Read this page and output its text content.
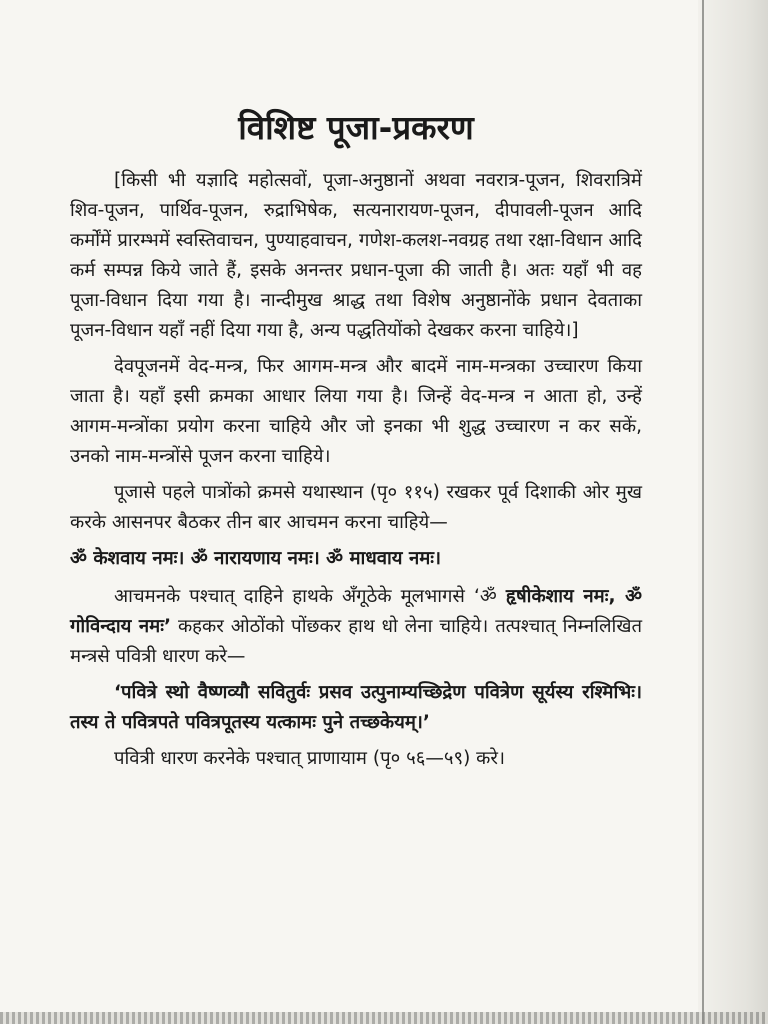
विशिष्ट पूजा-प्रकरण

[किसी भी यज्ञादि महोत्सवों, पूजा-अनुष्ठानों अथवा नवरात्र-पूजन, शिवरात्रिमें शिव-पूजन, पार्थिव-पूजन, रुद्राभिषेक, सत्यनारायण-पूजन, दीपावली-पूजन आदि कर्मोंमें प्रारम्भमें स्वस्तिवाचन, पुण्याहवाचन, गणेश-कलश-नवग्रह तथा रक्षा-विधान आदि कर्म सम्पन्न किये जाते हैं, इसके अनन्तर प्रधान-पूजा की जाती है। अतः यहाँ भी वह पूजा-विधान दिया गया है। नान्दीमुख श्राद्ध तथा विशेष अनुष्ठानोंके प्रधान देवताका पूजन-विधान यहाँ नहीं दिया गया है, अन्य पद्धतियोंको देखकर करना चाहिये।]

देवपूजनमें वेद-मन्त्र, फिर आगम-मन्त्र और बादमें नाम-मन्त्रका उच्चारण किया जाता है। यहाँ इसी क्रमका आधार लिया गया है। जिन्हें वेद-मन्त्र न आता हो, उन्हें आगम-मन्त्रोंका प्रयोग करना चाहिये और जो इनका भी शुद्ध उच्चारण न कर सकें, उनको नाम-मन्त्रोंसे पूजन करना चाहिये।

पूजासे पहले पात्रोंको क्रमसे यथास्थान (पृ० ११५) रखकर पूर्व दिशाकी ओर मुख करके आसनपर बैठकर तीन बार आचमन करना चाहिये—

ॐ केशवाय नमः। ॐ नारायणाय नमः। ॐ माधवाय नमः।

आचमनके पश्चात् दाहिने हाथके अँगूठेके मूलभागसे ‘ॐ हृषीकेशाय नमः, ॐ गोविन्दाय नमः’ कहकर ओठोंको पोंछकर हाथ धो लेना चाहिये। तत्पश्चात् निम्नलिखित मन्त्रसे पवित्री धारण करे—

‘पवित्रे स्थो वैष्णव्यौ सवितुर्वः प्रसव उत्पुनाम्यच्छिद्रेण पवित्रेण सूर्यस्य रश्मिभिः। तस्य ते पवित्रपते पवित्रपूतस्य यत्कामः पुने तच्छकेयम्।’

पवित्री धारण करनेके पश्चात् प्राणायाम (पृ० ५६—५९) करे।
